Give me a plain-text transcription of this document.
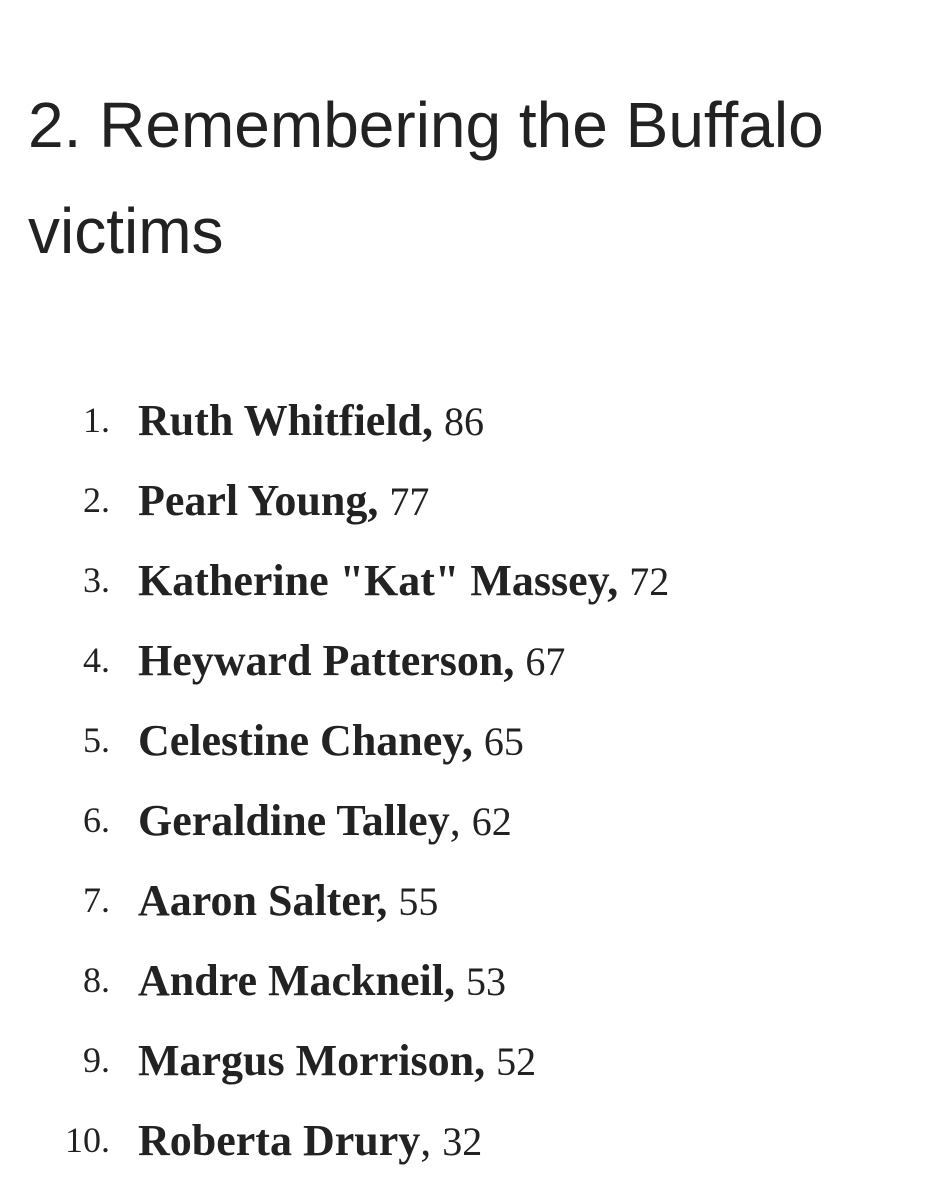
2. Remembering the Buffalo victims
1. Ruth Whitfield, 86
2. Pearl Young, 77
3. Katherine "Kat" Massey, 72
4. Heyward Patterson, 67
5. Celestine Chaney, 65
6. Geraldine Talley, 62
7. Aaron Salter, 55
8. Andre Mackneil, 53
9. Margus Morrison, 52
10. Roberta Drury, 32
